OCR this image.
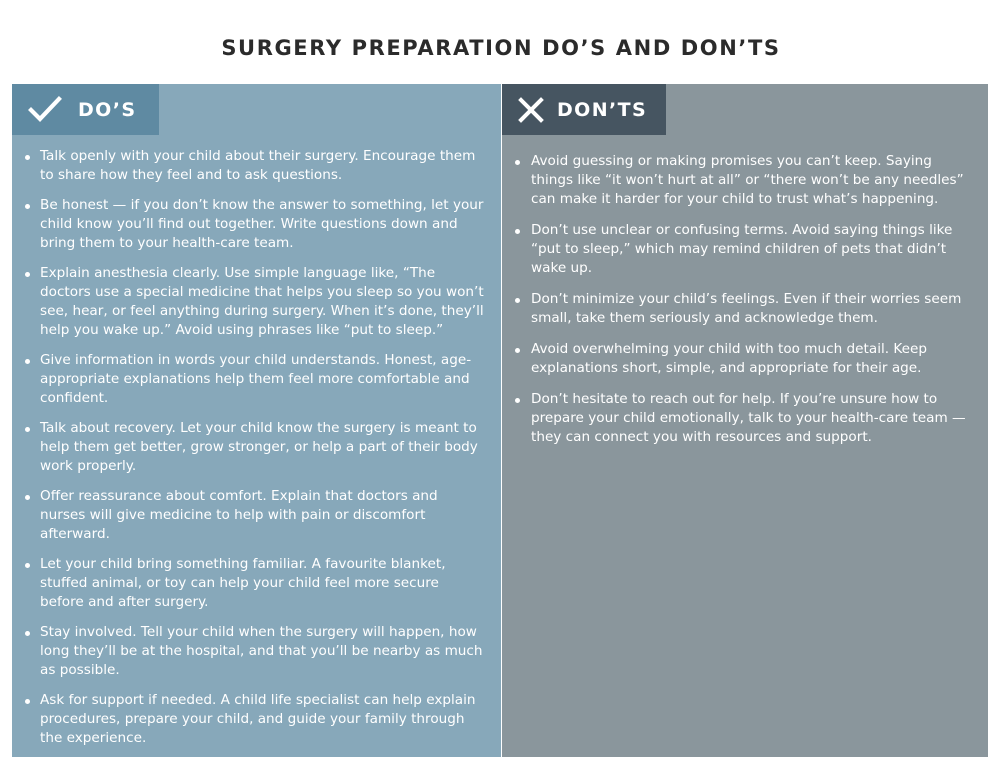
SURGERY PREPARATION DO’S AND DON’TS
DO’S
Talk openly with your child about their surgery. Encourage them to share how they feel and to ask questions.
Be honest — if you don’t know the answer to something, let your child know you’ll find out together. Write questions down and bring them to your health-care team.
Explain anesthesia clearly. Use simple language like, “The doctors use a special medicine that helps you sleep so you won’t see, hear, or feel anything during surgery. When it’s done, they’ll help you wake up.” Avoid using phrases like “put to sleep.”
Give information in words your child understands. Honest, age-appropriate explanations help them feel more comfortable and confident.
Talk about recovery. Let your child know the surgery is meant to help them get better, grow stronger, or help a part of their body work properly.
Offer reassurance about comfort. Explain that doctors and nurses will give medicine to help with pain or discomfort afterward.
Let your child bring something familiar. A favourite blanket, stuffed animal, or toy can help your child feel more secure before and after surgery.
Stay involved. Tell your child when the surgery will happen, how long they’ll be at the hospital, and that you’ll be nearby as much as possible.
Ask for support if needed. A child life specialist can help explain procedures, prepare your child, and guide your family through the experience.
DON’TS
Avoid guessing or making promises you can’t keep. Saying things like “it won’t hurt at all” or “there won’t be any needles” can make it harder for your child to trust what’s happening.
Don’t use unclear or confusing terms. Avoid saying things like “put to sleep,” which may remind children of pets that didn’t wake up.
Don’t minimize your child’s feelings. Even if their worries seem small, take them seriously and acknowledge them.
Avoid overwhelming your child with too much detail. Keep explanations short, simple, and appropriate for their age.
Don’t hesitate to reach out for help. If you’re unsure how to prepare your child emotionally, talk to your health-care team — they can connect you with resources and support.
